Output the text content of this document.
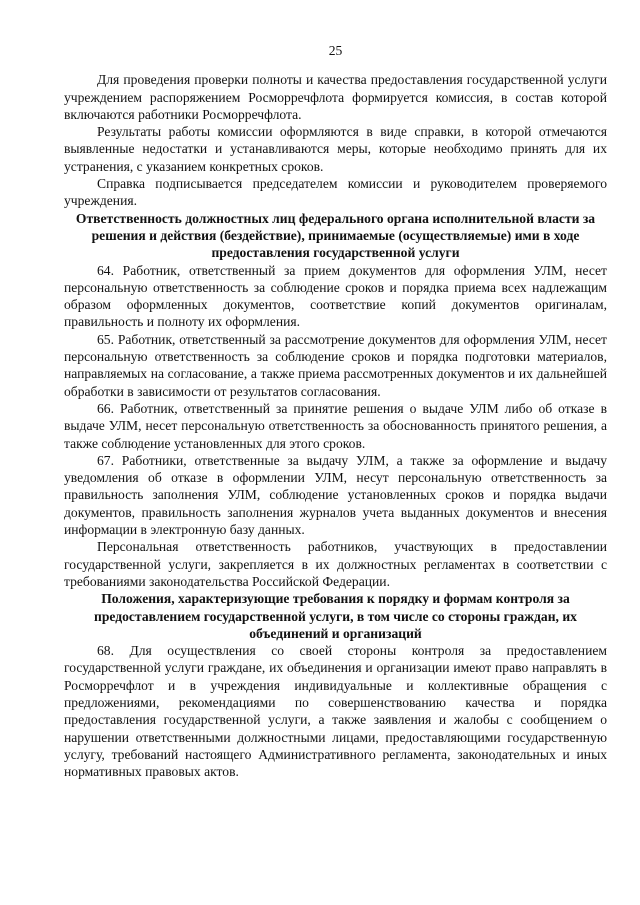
25

Для проведения проверки полноты и качества предоставления государственной услуги учреждением распоряжением Росморречфлота формируется комиссия, в состав которой включаются работники Росморречфлота.

Результаты работы комиссии оформляются в виде справки, в которой отмечаются выявленные недостатки и устанавливаются меры, которые необходимо принять для их устранения, с указанием конкретных сроков.

Справка подписывается председателем комиссии и руководителем проверяемого учреждения.

Ответственность должностных лиц федерального органа исполнительной власти за решения и действия (бездействие), принимаемые (осуществляемые) ими в ходе предоставления государственной услуги

64. Работник, ответственный за прием документов для оформления УЛМ, несет персональную ответственность за соблюдение сроков и порядка приема всех надлежащим образом оформленных документов, соответствие копий документов оригиналам, правильность и полноту их оформления.

65. Работник, ответственный за рассмотрение документов для оформления УЛМ, несет персональную ответственность за соблюдение сроков и порядка подготовки материалов, направляемых на согласование, а также приема рассмотренных документов и их дальнейшей обработки в зависимости от результатов согласования.

66. Работник, ответственный за принятие решения о выдаче УЛМ либо об отказе в выдаче УЛМ, несет персональную ответственность за обоснованность принятого решения, а также соблюдение установленных для этого сроков.

67. Работники, ответственные за выдачу УЛМ, а также за оформление и выдачу уведомления об отказе в оформлении УЛМ, несут персональную ответственность за правильность заполнения УЛМ, соблюдение установленных сроков и порядка выдачи документов, правильность заполнения журналов учета выданных документов и внесения информации в электронную базу данных.

Персональная ответственность работников, участвующих в предоставлении государственной услуги, закрепляется в их должностных регламентах в соответствии с требованиями законодательства Российской Федерации.

Положения, характеризующие требования к порядку и формам контроля за предоставлением государственной услуги, в том числе со стороны граждан, их объединений и организаций

68. Для осуществления со своей стороны контроля за предоставлением государственной услуги граждане, их объединения и организации имеют право направлять в Росморречфлот и в учреждения индивидуальные и коллективные обращения с предложениями, рекомендациями по совершенствованию качества и порядка предоставления государственной услуги, а также заявления и жалобы с сообщением о нарушении ответственными должностными лицами, предоставляющими государственную услугу, требований настоящего Административного регламента, законодательных и иных нормативных правовых актов.
